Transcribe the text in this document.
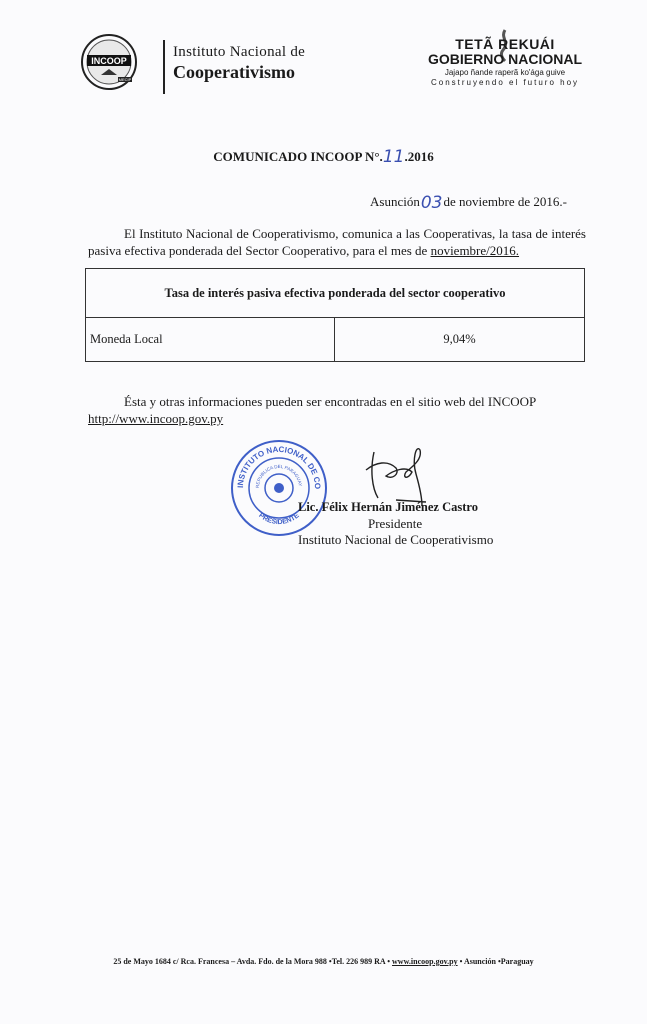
INCOOP
MECIP
Instituto Nacional de
Cooperativismo
TETÃ REKUÁI
GOBIERNO NACIONAL
Jajapo ñande raperã ko'ága guive
Construyendo el futuro hoy
COMUNICADO INCOOP N°.11.2016
Asunción03de noviembre de 2016.-
El Instituto Nacional de Cooperativismo, comunica a las Cooperativas, la tasa de interés pasiva efectiva ponderada del Sector Cooperativo, para el mes de noviembre/2016.
Tasa de interés pasiva efectiva ponderada del sector cooperativo
Moneda Local	9,04%
Ésta y otras informaciones pueden ser encontradas en el sitio web del INCOOP
http://www.incoop.gov.py
INSTITUTO NACIONAL DE CO
PRESIDENTE
REPUBLICA DEL PARAGUAY
Lic. Félix Hernán Jiménez Castro
Presidente
Instituto Nacional de Cooperativismo
25 de Mayo 1684 c/ Rca. Francesa – Avda. Fdo. de la Mora 988 •Tel. 226 989 RA • www.incoop.gov.py • Asunción •Paraguay
